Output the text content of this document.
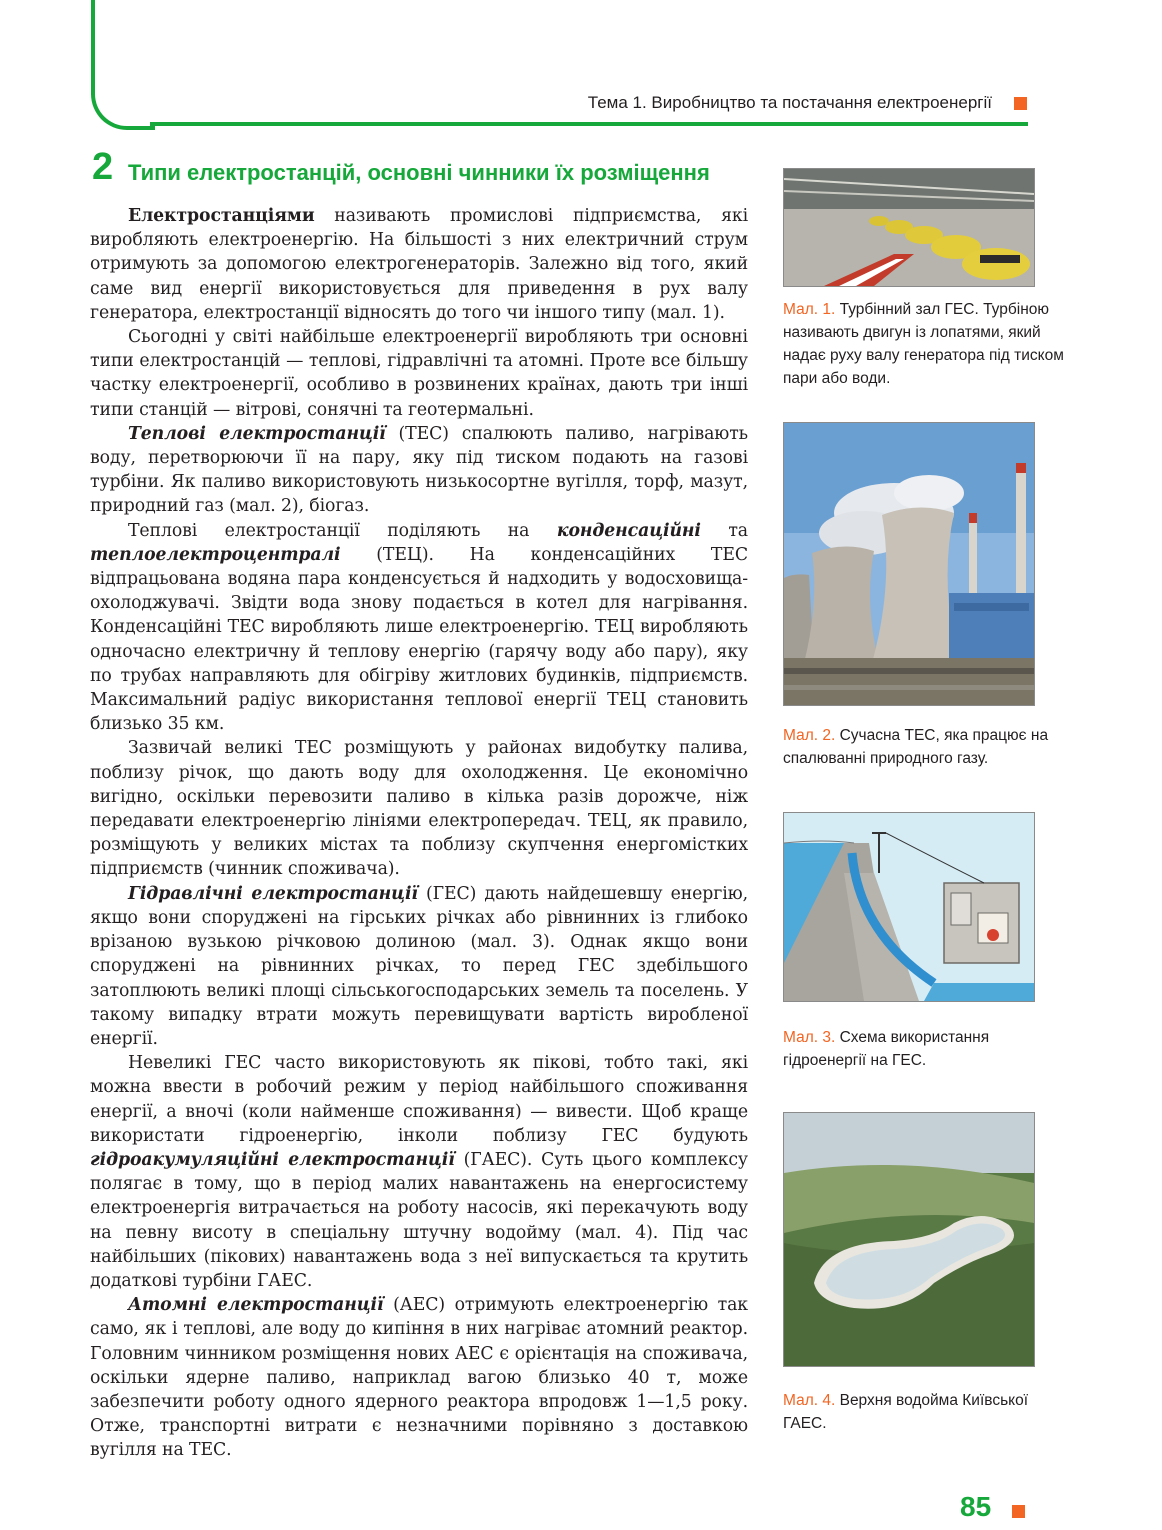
Тема 1. Виробництво та постачання електроенергії
2 Типи електростанцій, основні чинники їх розміщення

Електростанціями називають промислові підприємства, які виробляють електроенергію. На більшості з них електричний струм отримують за допомогою електрогенераторів. Залежно від того, який саме вид енергії використовується для приведення в рух валу генератора, електростанції відносять до того чи іншого типу (мал. 1).

Сьогодні у світі найбільше електроенергії виробляють три основні типи електростанцій — теплові, гідравлічні та атомні. Проте все більшу частку електроенергії, особливо в розвинених країнах, дають три інші типи станцій — вітрові, сонячні та геотермальні.

Теплові електростанції (ТЕС) спалюють паливо, нагрівають воду, перетворюючи її на пару, яку під тиском подають на газові турбіни. Як паливо використовують низькосортне вугілля, торф, мазут, природний газ (мал. 2), біогаз.

Теплові електростанції поділяють на конденсаційні та теплоелектроцентралі (ТЕЦ). На конденсаційних ТЕС відпрацьована водяна пара конденсується й надходить у водосховища-охолоджувачі. Звідти вода знову подається в котел для нагрівання. Конденсаційні ТЕС виробляють лише електроенергію. ТЕЦ виробляють одночасно електричну й теплову енергію (гарячу воду або пару), яку по трубах направляють для обігріву житлових будинків, підприємств. Максимальний радіус використання теплової енергії ТЕЦ становить близько 35 км.

Зазвичай великі ТЕС розміщують у районах видобутку палива, поблизу річок, що дають воду для охолодження. Це економічно вигідно, оскільки перевозити паливо в кілька разів дорожче, ніж передавати електроенергію лініями електропередач. ТЕЦ, як правило, розміщують у великих містах та поблизу скупчення енергомістких підприємств (чинник споживача).

Гідравлічні електростанції (ГЕС) дають найдешевшу енергію, якщо вони споруджені на гірських річках або рівнинних із глибоко врізаною вузькою річковою долиною (мал. 3). Однак якщо вони споруджені на рівнинних річках, то перед ГЕС здебільшого затоплюють великі площі сільськогосподарських земель та поселень. У такому випадку втрати можуть перевищувати вартість виробленої енергії.

Невеликі ГЕС часто використовують як пікові, тобто такі, які можна ввести в робочий режим у період найбільшого споживання енергії, а вночі (коли найменше споживання) — вивести. Щоб краще використати гідроенергію, інколи поблизу ГЕС будують гідроакумуляційні електростанції (ГАЕС). Суть цього комплексу полягає в тому, що в період малих навантажень на енергосистему електроенергія витрачається на роботу насосів, які перекачують воду на певну висоту в спеціальну штучну водойму (мал. 4). Під час найбільших (пікових) навантажень вода з неї випускається та крутить додаткові турбіни ГАЕС.

Атомні електростанції (АЕС) отримують електроенергію так само, як і теплові, але воду до кипіння в них нагріває атомний реактор. Головним чинником розміщення нових АЕС є орієнтація на споживача, оскільки ядерне паливо, наприклад вагою близько 40 т, може забезпечити роботу одного ядерного реактора впродовж 1—1,5 року. Отже, транспортні витрати є незначними порівняно з доставкою вугілля на ТЕС.

Мал. 1. Турбінний зал ГЕС. Турбіною називають двигун із лопатями, який надає руху валу генератора під тиском пари або води.
Мал. 2. Сучасна ТЕС, яка працює на спалюванні природного газу.
Мал. 3. Схема використання гідроенергії на ГЕС.
Мал. 4. Верхня водойма Київської ГАЕС.
85
